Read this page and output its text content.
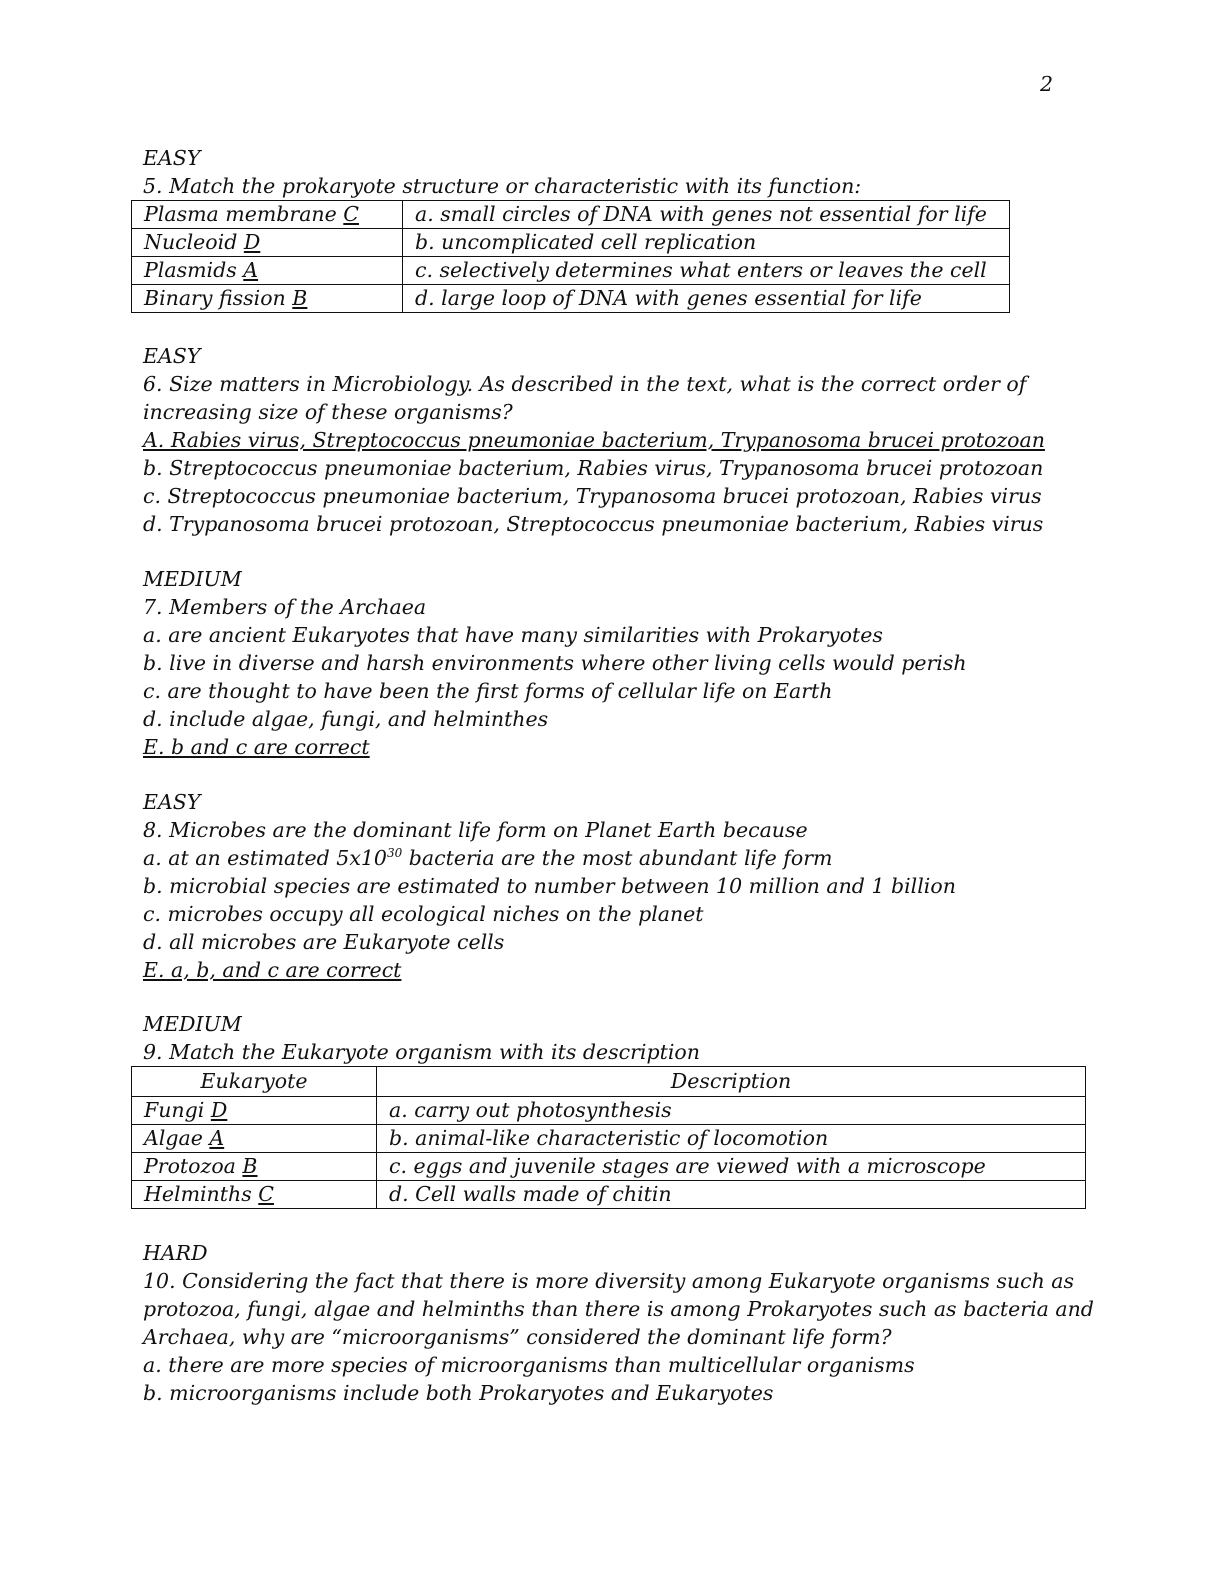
2
EASY
5. Match the prokaryote structure or characteristic with its function:
Plasma membrane C	a. small circles of DNA with genes not essential for life
Nucleoid D	b. uncomplicated cell replication
Plasmids A	c. selectively determines what enters or leaves the cell
Binary fission B	d. large loop of DNA with genes essential for life
EASY
6. Size matters in Microbiology. As described in the text, what is the correct order of
increasing size of these organisms?
A. Rabies virus, Streptococcus pneumoniae bacterium, Trypanosoma brucei protozoan
b. Streptococcus pneumoniae bacterium, Rabies virus, Trypanosoma brucei protozoan
c. Streptococcus pneumoniae bacterium, Trypanosoma brucei protozoan, Rabies virus
d. Trypanosoma brucei protozoan, Streptococcus pneumoniae bacterium, Rabies virus
MEDIUM
7. Members of the Archaea
a. are ancient Eukaryotes that have many similarities with Prokaryotes
b. live in diverse and harsh environments where other living cells would perish
c. are thought to have been the first forms of cellular life on Earth
d. include algae, fungi, and helminthes
E. b and c are correct
EASY
8. Microbes are the dominant life form on Planet Earth because
a. at an estimated $5x10^{30}$ bacteria are the most abundant life form
b. microbial species are estimated to number between 10 million and 1 billion
c. microbes occupy all ecological niches on the planet
d. all microbes are Eukaryote cells
E. a, b, and c are correct
MEDIUM
9. Match the Eukaryote organism with its description
Eukaryote	Description
Fungi D	a. carry out photosynthesis
Algae A	b. animal-like characteristic of locomotion
Protozoa B	c. eggs and juvenile stages are viewed with a microscope
Helminths C	d. Cell walls made of chitin
HARD
10. Considering the fact that there is more diversity among Eukaryote organisms such as
protozoa, fungi, algae and helminths than there is among Prokaryotes such as bacteria and
Archaea, why are “microorganisms” considered the dominant life form?
a. there are more species of microorganisms than multicellular organisms
b. microorganisms include both Prokaryotes and Eukaryotes
